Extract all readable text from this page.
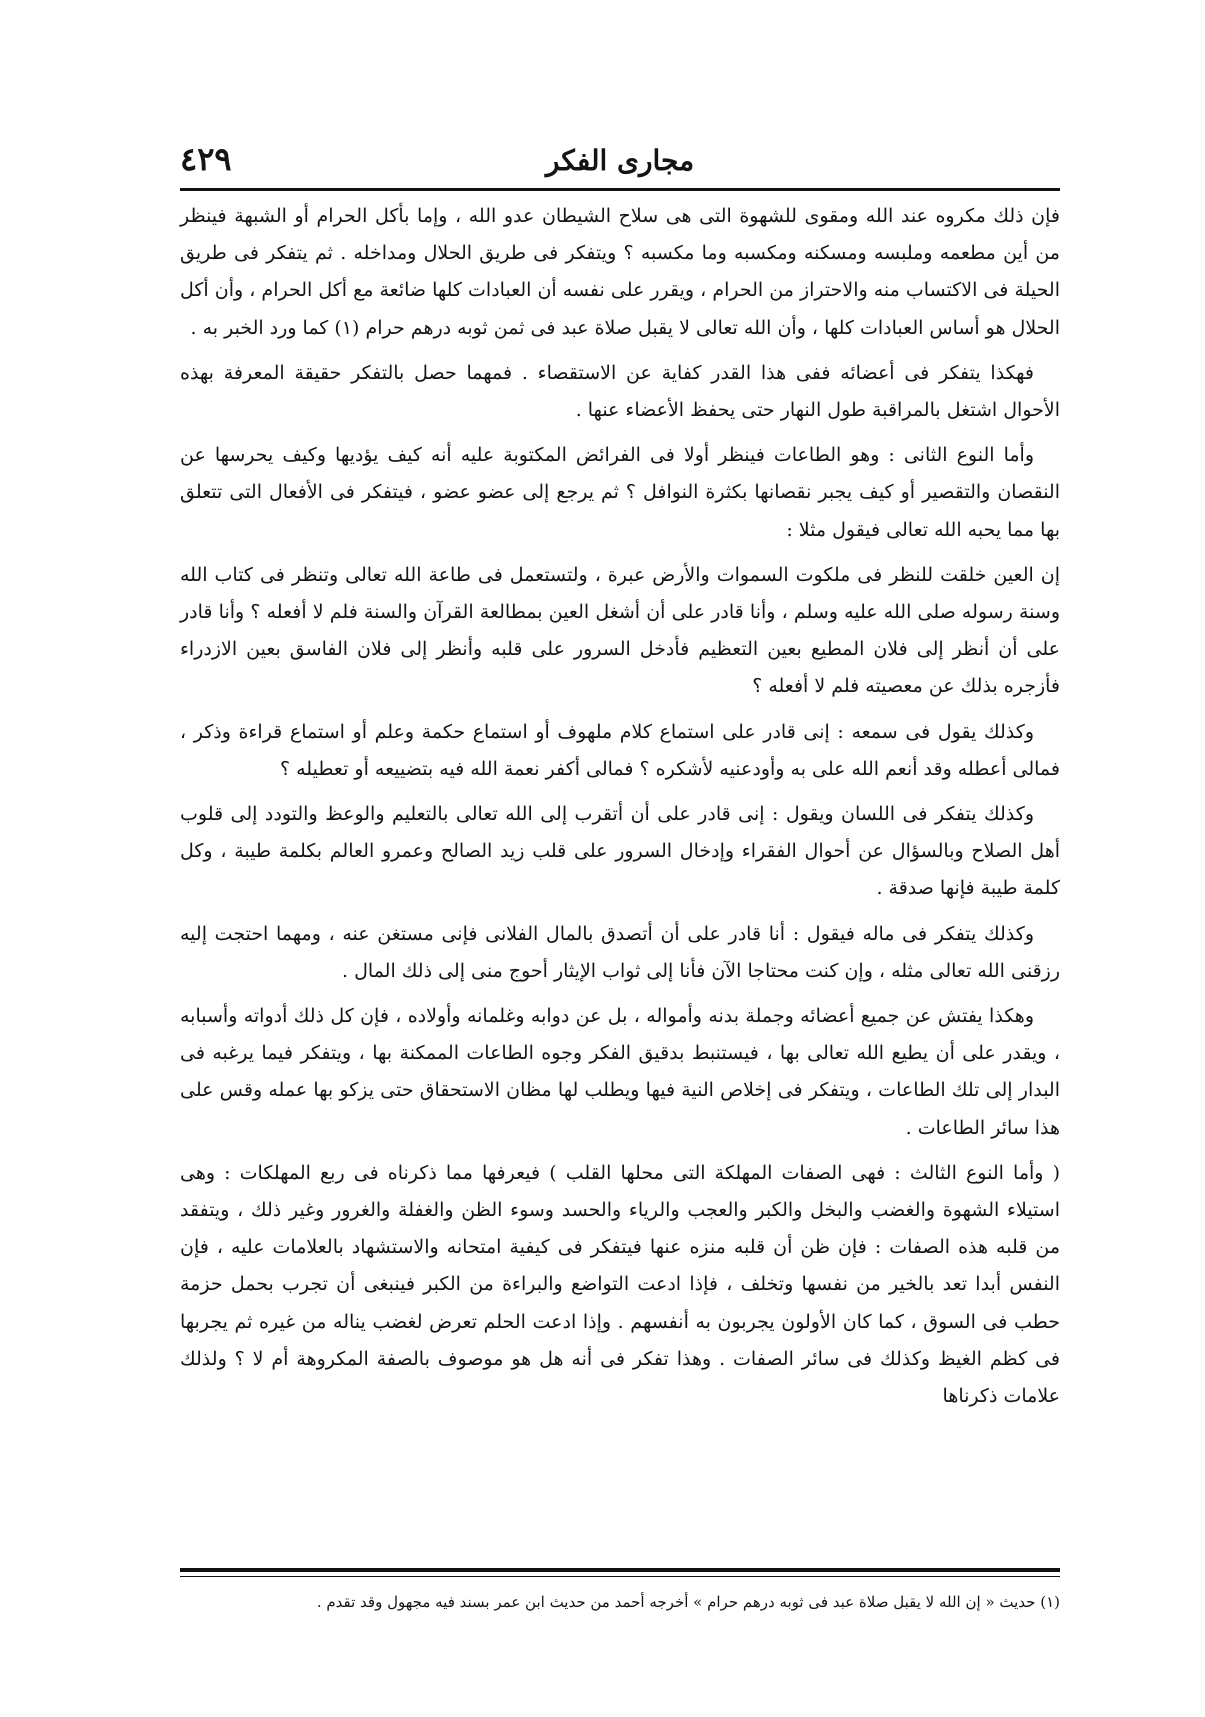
مجارى الفكر
٤٢٩

فإن ذلك مكروه عند الله ومقوى للشهوة التى هى سلاح الشيطان عدو الله ، وإما بأكل الحرام أو الشبهة فينظر من أين مطعمه وملبسه ومسكنه ومكسبه وما مكسبه ؟ ويتفكر فى طريق الحلال ومداخله . ثم يتفكر فى طريق الحيلة فى الاكتساب منه والاحتراز من الحرام ، ويقرر على نفسه أن العبادات كلها ضائعة مع أكل الحرام ، وأن أكل الحلال هو أساس العبادات كلها ، وأن الله تعالى لا يقبل صلاة عبد فى ثمن ثوبه درهم حرام (١) كما ورد الخبر به .

فهكذا يتفكر فى أعضائه ففى هذا القدر كفاية عن الاستقصاء . فمهما حصل بالتفكر حقيقة المعرفة بهذه الأحوال اشتغل بالمراقبة طول النهار حتى يحفظ الأعضاء عنها .

وأما النوع الثانى : وهو الطاعات فينظر أولا فى الفرائض المكتوبة عليه أنه كيف يؤديها وكيف يحرسها عن النقصان والتقصير أو كيف يجبر نقصانها بكثرة النوافل ؟ ثم يرجع إلى عضو عضو ، فيتفكر فى الأفعال التى تتعلق بها مما يحبه الله تعالى فيقول مثلا :

إن العين خلقت للنظر فى ملكوت السموات والأرض عبرة ، ولتستعمل فى طاعة الله تعالى وتنظر فى كتاب الله وسنة رسوله صلى الله عليه وسلم ، وأنا قادر على أن أشغل العين بمطالعة القرآن والسنة فلم لا أفعله ؟ وأنا قادر على أن أنظر إلى فلان المطيع بعين التعظيم فأدخل السرور على قلبه وأنظر إلى فلان الفاسق بعين الازدراء فأزجره بذلك عن معصيته فلم لا أفعله ؟

وكذلك يقول فى سمعه : إنى قادر على استماع كلام ملهوف أو استماع حكمة وعلم أو استماع قراءة وذكر ، فمالى أعطله وقد أنعم الله على به وأودعنيه لأشكره ؟ فمالى أكفر نعمة الله فيه بتضييعه أو تعطيله ؟

وكذلك يتفكر فى اللسان ويقول : إنى قادر على أن أتقرب إلى الله تعالى بالتعليم والوعظ والتودد إلى قلوب أهل الصلاح وبالسؤال عن أحوال الفقراء وإدخال السرور على قلب زيد الصالح وعمرو العالم بكلمة طيبة ، وكل كلمة طيبة فإنها صدقة .

وكذلك يتفكر فى ماله فيقول : أنا قادر على أن أتصدق بالمال الفلانى فإنى مستغن عنه ، ومهما احتجت إليه رزقنى الله تعالى مثله ، وإن كنت محتاجا الآن فأنا إلى ثواب الإيثار أحوج منى إلى ذلك المال .

وهكذا يفتش عن جميع أعضائه وجملة بدنه وأمواله ، بل عن دوابه وغلمانه وأولاده ، فإن كل ذلك أدواته وأسبابه ، ويقدر على أن يطيع الله تعالى بها ، فيستنبط بدقيق الفكر وجوه الطاعات الممكنة بها ، ويتفكر فيما يرغبه فى البدار إلى تلك الطاعات ، ويتفكر فى إخلاص النية فيها ويطلب لها مظان الاستحقاق حتى يزكو بها عمله وقس على هذا سائر الطاعات .

( وأما النوع الثالث : فهى الصفات المهلكة التى محلها القلب ) فيعرفها مما ذكرناه فى ربع المهلكات : وهى استيلاء الشهوة والغضب والبخل والكبر والعجب والرياء والحسد وسوء الظن والغفلة والغرور وغير ذلك ، ويتفقد من قلبه هذه الصفات : فإن ظن أن قلبه منزه عنها فيتفكر فى كيفية امتحانه والاستشهاد بالعلامات عليه ، فإن النفس أبدا تعد بالخير من نفسها وتخلف ، فإذا ادعت التواضع والبراءة من الكبر فينبغى أن تجرب بحمل حزمة حطب فى السوق ، كما كان الأولون يجربون به أنفسهم . وإذا ادعت الحلم تعرض لغضب يناله من غيره ثم يجربها فى كظم الغيظ وكذلك فى سائر الصفات . وهذا تفكر فى أنه هل هو موصوف بالصفة المكروهة أم لا ؟ ولذلك علامات ذكرناها

(١) حديث « إن الله لا يقبل صلاة عبد فى ثوبه درهم حرام » أخرجه أحمد من حديث ابن عمر بسند فيه مجهول وقد تقدم .
